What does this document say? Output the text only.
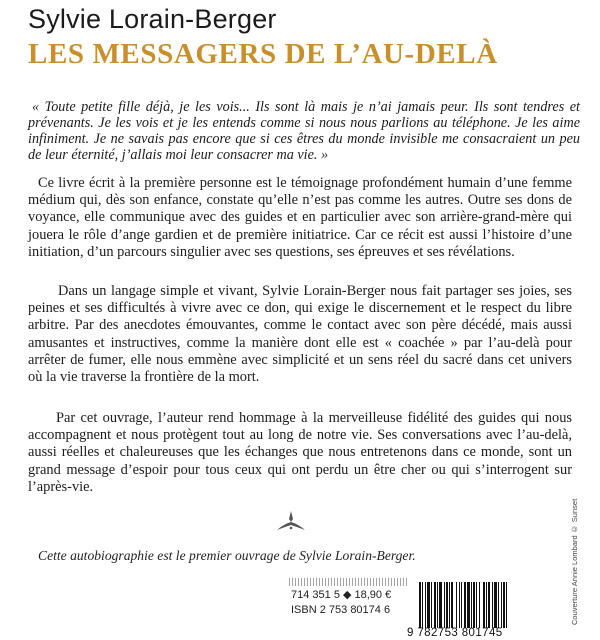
Sylvie Lorain-Berger
LES MESSAGERS DE L’AU-DELÀ

« Toute petite fille déjà, je les vois... Ils sont là mais je n’ai jamais peur. Ils sont tendres et prévenants. Je les vois et je les entends comme si nous nous parlions au téléphone. Je les aime infiniment. Je ne savais pas encore que si ces êtres du monde invisible me consacraient un peu de leur éternité, j’allais moi leur consacrer ma vie. »

Ce livre écrit à la première personne est le témoignage profondément humain d’une femme médium qui, dès son enfance, constate qu’elle n’est pas comme les autres. Outre ses dons de voyance, elle communique avec des guides et en particulier avec son arrière-grand-mère qui jouera le rôle d’ange gardien et de première initiatrice. Car ce récit est aussi l’histoire d’une initiation, d’un parcours singulier avec ses questions, ses épreuves et ses révélations.

Dans un langage simple et vivant, Sylvie Lorain-Berger nous fait partager ses joies, ses peines et ses difficultés à vivre avec ce don, qui exige le discernement et le respect du libre arbitre. Par des anecdotes émouvantes, comme le contact avec son père décédé, mais aussi amusantes et instructives, comme la manière dont elle est « coachée » par l’au-delà pour arrêter de fumer, elle nous emmène avec simplicité et un sens réel du sacré dans cet univers où la vie traverse la frontière de la mort.

Par cet ouvrage, l’auteur rend hommage à la merveilleuse fidélité des guides qui nous accompagnent et nous protègent tout au long de notre vie. Ses conversations avec l’au-delà, aussi réelles et chaleureuses que les échanges que nous entretenons dans ce monde, sont un grand message d’espoir pour tous ceux qui ont perdu un être cher ou qui s’interrogent sur l’après-vie.

Cette autobiographie est le premier ouvrage de Sylvie Lorain-Berger.
714 351 5 ◆ 18,90 €
ISBN 2 753 80174 6
9 782753 801745
Couverture Annie Lombard © Sunset
